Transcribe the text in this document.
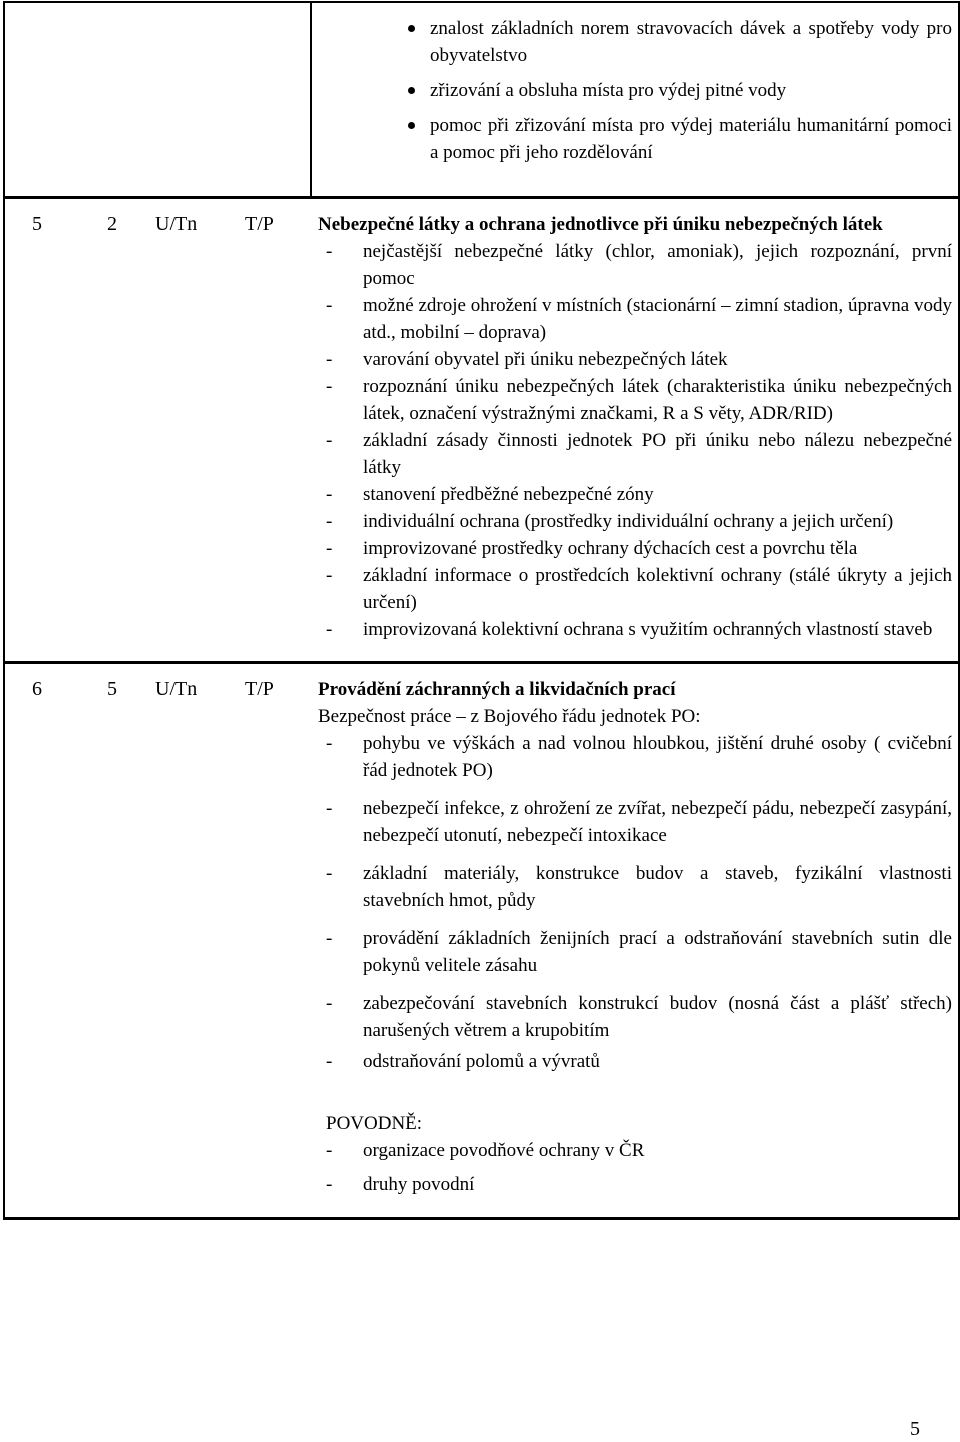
znalost základních norem stravovacích dávek a spotřeby vody pro obyvatelstvo
zřizování a obsluha místa pro výdej pitné vody
pomoc při zřizování místa pro výdej materiálu humanitární pomoci a pomoc při jeho rozdělování
5	2 U/Tn T/P Nebezpečné látky a ochrana jednotlivce při úniku nebezpečných látek
- nejčastější nebezpečné látky (chlor, amoniak), jejich rozpoznání, první pomoc
- možné zdroje ohrožení v místních (stacionární – zimní stadion, úpravna vody atd., mobilní – doprava)
- varování obyvatel při úniku nebezpečných látek
- rozpoznání úniku nebezpečných látek (charakteristika úniku nebezpečných látek, označení výstražnými značkami, R a S věty, ADR/RID)
- základní zásady činnosti jednotek PO při úniku nebo nálezu nebezpečné látky
- stanovení předběžné nebezpečné zóny
- individuální ochrana (prostředky individuální ochrany a jejich určení)
- improvizované prostředky ochrany dýchacích cest a povrchu těla
- základní informace o prostředcích kolektivní ochrany (stálé úkryty a jejich určení)
- improvizovaná kolektivní ochrana s využitím ochranných vlastností staveb
6	5 U/Tn T/P Provádění záchranných a likvidačních prací
Bezpečnost práce – z Bojového řádu jednotek PO:
- pohybu ve výškách a nad volnou hloubkou, jištění druhé osoby ( cvičební řád jednotek PO)
- nebezpečí infekce, z ohrožení ze zvířat, nebezpečí pádu, nebezpečí zasypání, nebezpečí utonutí, nebezpečí intoxikace
- základní materiály, konstrukce budov a staveb, fyzikální vlastnosti stavebních hmot, půdy
- provádění základních ženijních prací a odstraňování stavebních sutin dle pokynů velitele zásahu
- zabezpečování stavebních konstrukcí budov (nosná část a plášť střech) narušených větrem a krupobitím
- odstraňování polomů a vývratů
POVODNĚ:
- organizace povodňové ochrany v ČR
- druhy povodní
5
